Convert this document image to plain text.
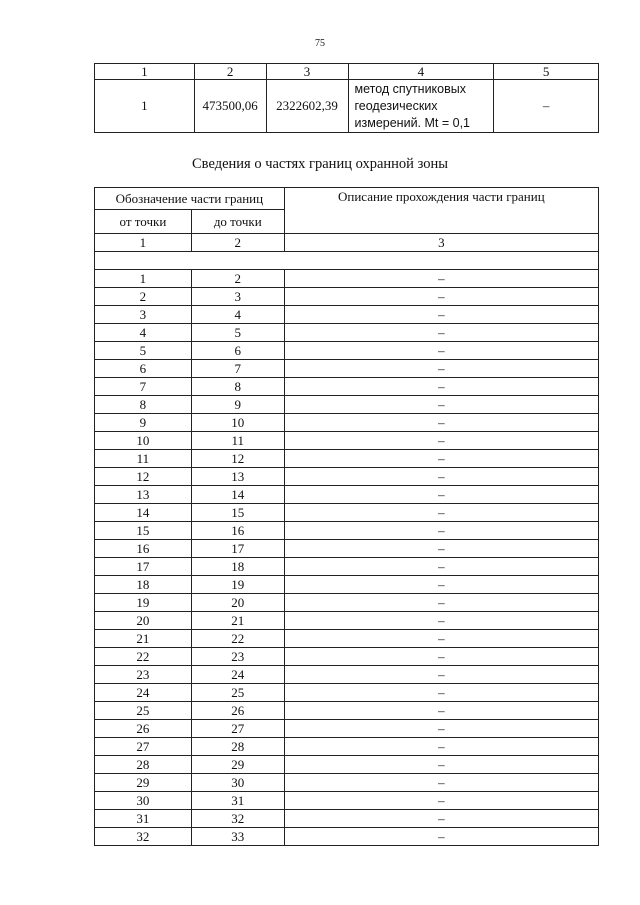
75
1	2	3	4	5
1	473500,06	2322602,39	метод спутниковых
геодезических
измерений. Mt = 0,1	–
Сведения о частях границ охранной зоны
Обозначение части границ		Описание прохождения части границ
от точки	до точки	
1	2	3

1	2	–
2	3	–
3	4	–
4	5	–
5	6	–
6	7	–
7	8	–
8	9	–
9	10	–
10	11	–
11	12	–
12	13	–
13	14	–
14	15	–
15	16	–
16	17	–
17	18	–
18	19	–
19	20	–
20	21	–
21	22	–
22	23	–
23	24	–
24	25	–
25	26	–
26	27	–
27	28	–
28	29	–
29	30	–
30	31	–
31	32	–
32	33	–
